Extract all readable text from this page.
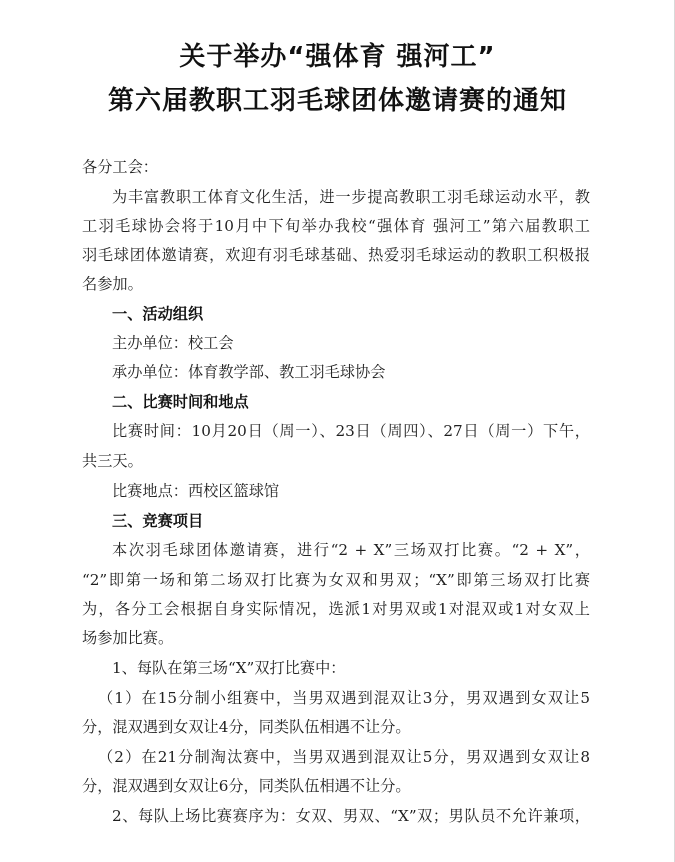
关于举办“强体育 强河工”
第六届教职工羽毛球团体邀请赛的通知
各分工会：
为丰富教职工体育文化生活，进一步提高教职工羽毛球运动水平，教
工羽毛球协会将于10月中下旬举办我校“强体育 强河工”第六届教职工
羽毛球团体邀请赛，欢迎有羽毛球基础、热爱羽毛球运动的教职工积极报
名参加。
一、活动组织
主办单位：校工会
承办单位：体育教学部、教工羽毛球协会
二、比赛时间和地点
比赛时间：10月20日（周一）、23日（周四）、27日（周一）下午，
共三天。
比赛地点：西校区篮球馆
三、竞赛项目
本次羽毛球团体邀请赛，进行“2 + X”三场双打比赛。“2 + X”，
“2”即第一场和第二场双打比赛为女双和男双；“X”即第三场双打比赛
为，各分工会根据自身实际情况，选派1对男双或1对混双或1对女双上
场参加比赛。
1、每队在第三场“X”双打比赛中：
（1）在15分制小组赛中，当男双遇到混双让3分，男双遇到女双让5
分，混双遇到女双让4分，同类队伍相遇不让分。
（2）在21分制淘汰赛中，当男双遇到混双让5分，男双遇到女双让8
分，混双遇到女双让6分，同类队伍相遇不让分。
2、每队上场比赛赛序为：女双、男双、“X”双；男队员不允许兼项，
